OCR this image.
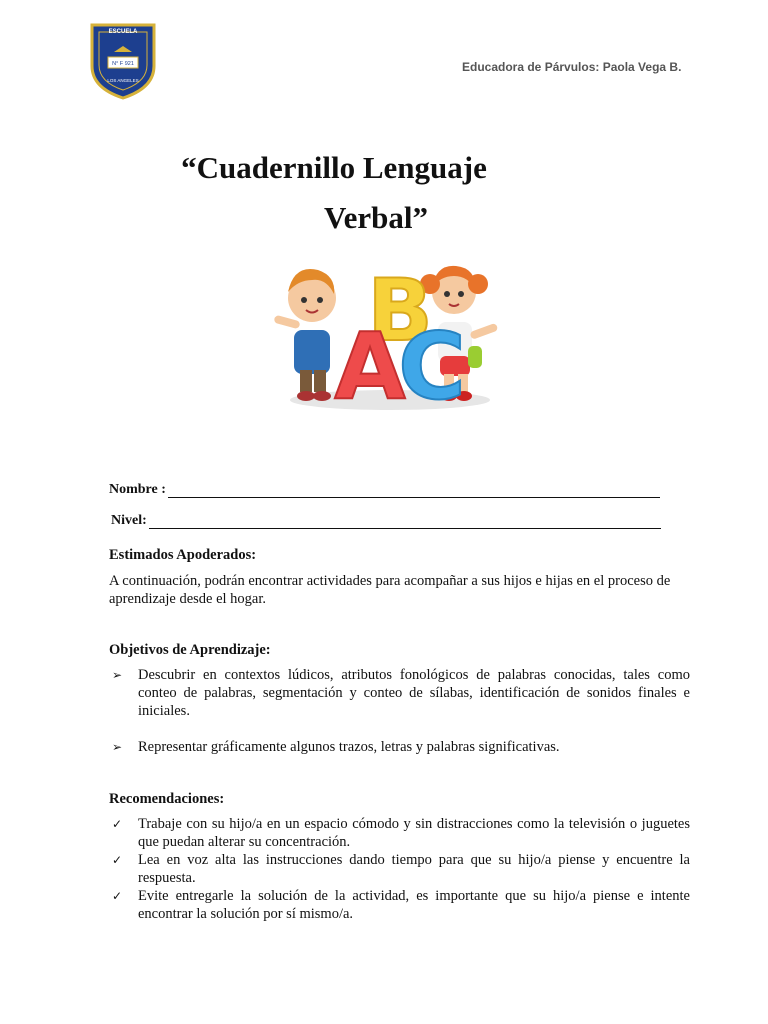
N° F 921
ESCUELA
LOS ANGELES
Educadora de Párvulos: Paola Vega B.
“Cuadernillo Lenguaje
Verbal”
B
A
C
Nombre :
Nivel:
Estimados Apoderados:

A continuación, podrán encontrar actividades para acompañar a sus hijos e hijas en el proceso de aprendizaje desde el hogar.

Objetivos de Aprendizaje:
➢	Descubrir en contextos lúdicos, atributos fonológicos de palabras conocidas, tales como conteo de palabras, segmentación y conteo de sílabas, identificación de sonidos finales e iniciales.
➢	Representar gráficamente algunos trazos, letras y palabras significativas.
Recomendaciones:
✓	Trabaje con su hijo/a en un espacio cómodo y sin distracciones como la televisión o juguetes que puedan alterar su concentración.
✓	Lea en voz alta las instrucciones dando tiempo para que su hijo/a piense y encuentre la respuesta.
✓	Evite entregarle la solución de la actividad, es importante que su hijo/a piense e intente encontrar la solución por sí mismo/a.
